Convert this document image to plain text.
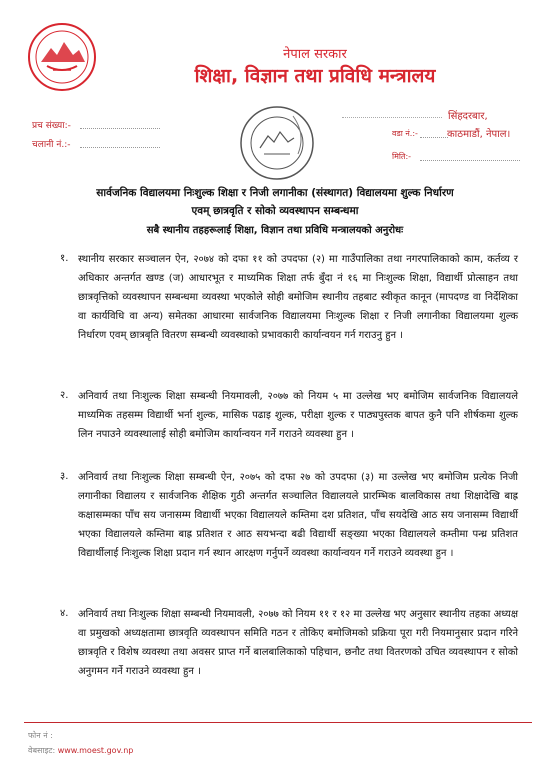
नेपाल सरकार
शिक्षा, विज्ञान तथा प्रविधि मन्त्रालय
प्रच संख्या:-
चलानी नं.:-
सिंहदरबार,
वडा नं.:-	काठमाडौं, नेपाल।
मिति:-
सार्वजनिक विद्यालयमा निःशुल्क शिक्षा र निजी लगानीका (संस्थागत) विद्यालयमा शुल्क निर्धारण
एवम् छात्रवृति र सोको व्यवस्थापन सम्बन्धमा
सबै स्थानीय तहहरूलाई शिक्षा, विज्ञान तथा प्रविधि मन्त्रालयको अनुरोधः
१. स्थानीय सरकार सञ्चालन ऐन, २०७४ को दफा ११ को उपदफा (२) मा गाउँपालिका तथा नगरपालिकाको काम, कर्तव्य र अधिकार अन्तर्गत खण्ड (ज) आधारभूत र माध्यमिक शिक्षा तर्फ बुँदा नं १६ मा निःशुल्क शिक्षा, विद्यार्थी प्रोत्साहन तथा छात्रवृत्तिको व्यवस्थापन सम्बन्धमा व्यवस्था भएकोले सोही बमोजिम स्थानीय तहबाट स्वीकृत कानून (मापदण्ड वा निर्देशिका वा कार्यविधि वा अन्य) समेतका आधारमा सार्वजनिक विद्यालयमा निःशुल्क शिक्षा र निजी लगानीका विद्यालयमा शुल्क निर्धारण एवम् छात्रबृति वितरण सम्बन्धी व्यवस्थाको प्रभावकारी कार्यान्वयन गर्न गराउनु हुन ।
२. अनिवार्य तथा निःशुल्क शिक्षा सम्बन्धी नियमावली, २०७७ को नियम ५ मा उल्लेख भए बमोजिम सार्वजनिक विद्यालयले माध्यमिक तहसम्म विद्यार्थी भर्ना शुल्क, मासिक पढाइ शुल्क, परीक्षा शुल्क र पाठ्यपुस्तक बापत कुनै पनि शीर्षकमा शुल्क लिन नपाउने व्यवस्थालाई सोही बमोजिम कार्यान्वयन गर्ने गराउने व्यवस्था हुन ।
३. अनिवार्य तथा निःशुल्क शिक्षा सम्बन्धी ऐन, २०७५ को दफा २७ को उपदफा (३) मा उल्लेख भए बमोजिम प्रत्येक निजी लगानीका विद्यालय र सार्वजनिक शैक्षिक गुठी अन्तर्गत सञ्चालित विद्यालयले प्रारम्भिक बालविकास तथा शिक्षादेखि बाह्र कक्षासम्मका पाँच सय जनासम्म विद्यार्थी भएका विद्यालयले कम्तिमा दश प्रतिशत, पाँच सयदेखि आठ सय जनासम्म विद्यार्थी भएका विद्यालयले कम्तिमा बाह्र प्रतिशत र आठ सयभन्दा बढी विद्यार्थी सङ्ख्या भएका विद्यालयले कम्तीमा पन्ध्र प्रतिशत विद्यार्थीलाई निःशुल्क शिक्षा प्रदान गर्न स्थान आरक्षण गर्नुपर्ने व्यवस्था कार्यान्वयन गर्ने गराउने व्यवस्था हुन ।
४. अनिवार्य तथा निःशुल्क शिक्षा सम्बन्धी नियमावली, २०७७ को नियम ११ र १२ मा उल्लेख भए अनुसार स्थानीय तहका अध्यक्ष वा प्रमुखको अध्यक्षतामा छात्रवृति व्यवस्थापन समिति गठन र तोकिए बमोजिमको प्रक्रिया पूरा गरी नियमानुसार प्रदान गरिने छात्रवृति र विशेष व्यवस्था तथा अवसर प्राप्त गर्ने बालबालिकाको पहिचान, छनौट तथा वितरणको उचित व्यवस्थापन र सोको अनुगमन गर्ने गराउने व्यवस्था हुन ।
फोन नं :
वेबसाइट: www.moest.gov.np
